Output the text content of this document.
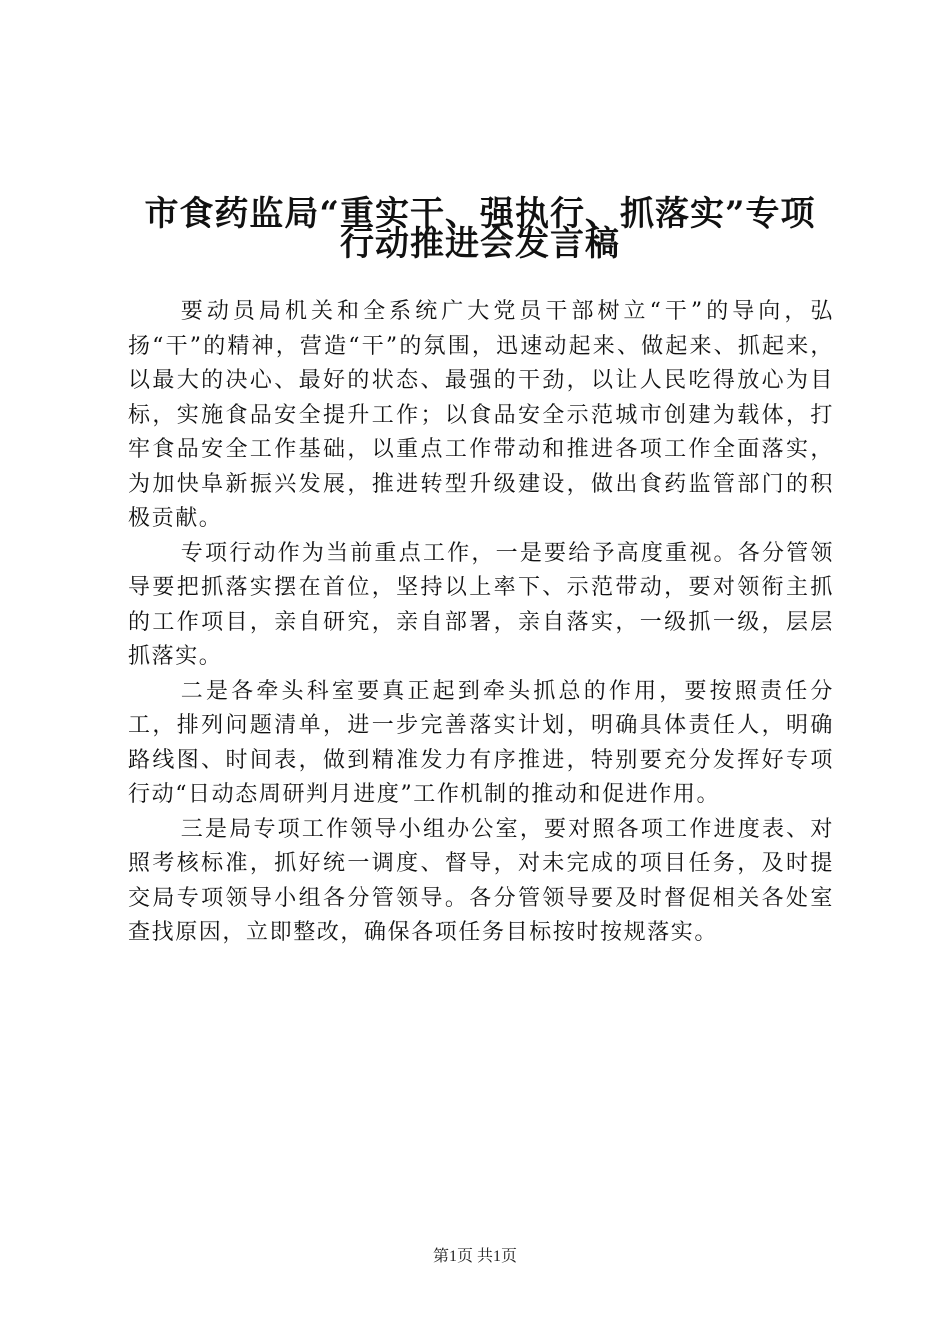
市食药监局“重实干、强执行、抓落实”专项
行动推进会发言稿

要动员局机关和全系统广大党员干部树立“干”的导向，弘扬“干”的精神，营造“干”的氛围，迅速动起来、做起来、抓起来，以最大的决心、最好的状态、最强的干劲，以让人民吃得放心为目标，实施食品安全提升工作；以食品安全示范城市创建为载体，打牢食品安全工作基础，以重点工作带动和推进各项工作全面落实，为加快阜新振兴发展，推进转型升级建设，做出食药监管部门的积极贡献。

专项行动作为当前重点工作，一是要给予高度重视。各分管领导要把抓落实摆在首位，坚持以上率下、示范带动，要对领衔主抓的工作项目，亲自研究，亲自部署，亲自落实，一级抓一级，层层抓落实。

二是各牵头科室要真正起到牵头抓总的作用，要按照责任分工，排列问题清单，进一步完善落实计划，明确具体责任人，明确路线图、时间表，做到精准发力有序推进，特别要充分发挥好专项行动“日动态周研判月进度”工作机制的推动和促进作用。

三是局专项工作领导小组办公室，要对照各项工作进度表、对照考核标准，抓好统一调度、督导，对未完成的项目任务，及时提交局专项领导小组各分管领导。各分管领导要及时督促相关各处室查找原因，立即整改，确保各项任务目标按时按规落实。

第1页 共1页
